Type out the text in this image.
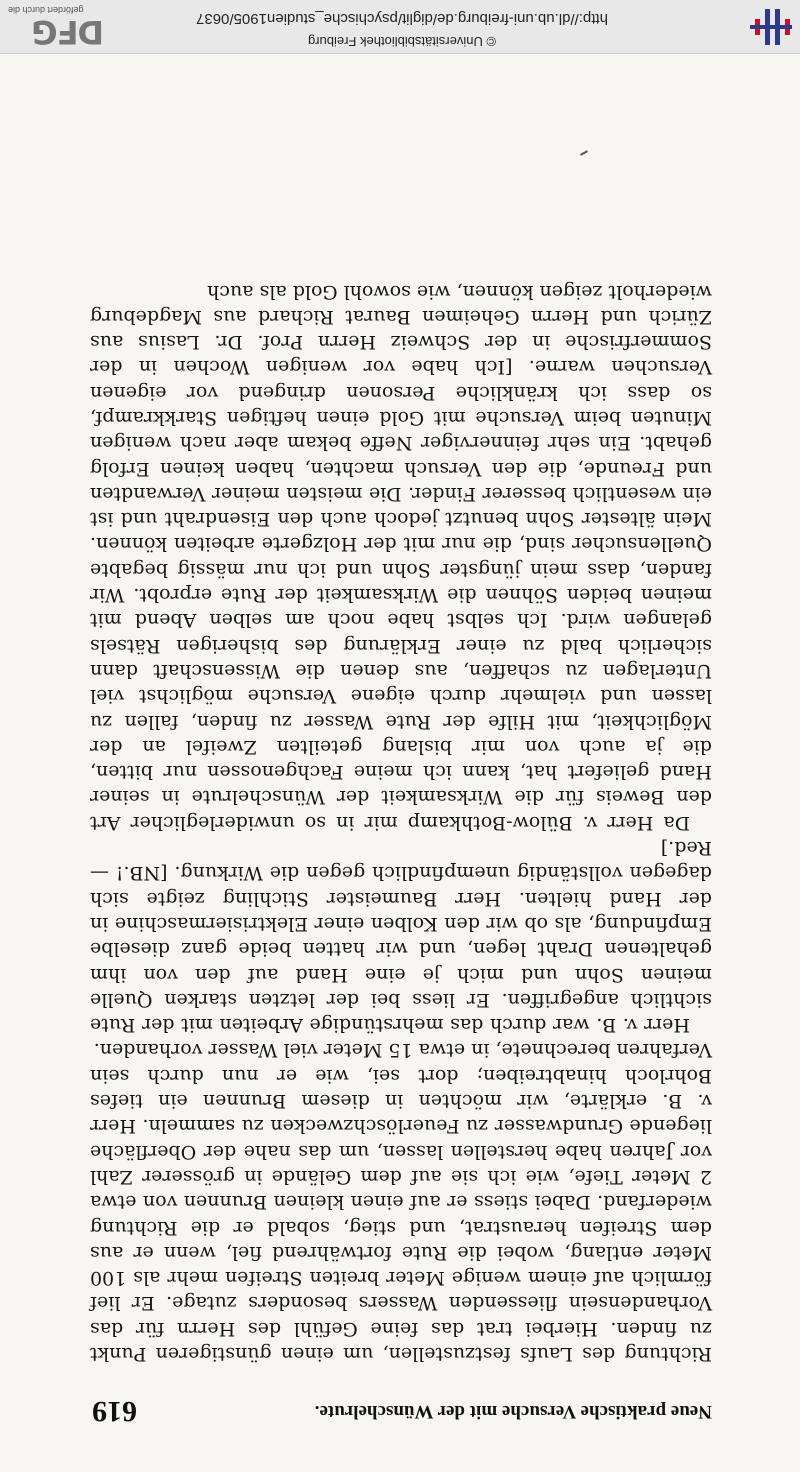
© Universitätsbibliothek Freiburg
http://dl.ub.uni-freiburg.de/diglit/psychische_studien1905/0637
DFG
gefördert durch die
Neue praktische Versuche mit der Wünschelrute.
619

Richtung des Laufs festzustellen, um einen günstigeren Punkt zu finden. Hierbei trat das feine Gefühl des Herrn für das Vorhandensein fliessenden Wassers besonders zutage. Er lief förmlich auf einem wenige Meter breiten Streifen mehr als 100 Meter entlang, wobei die Rute fortwährend fiel, wenn er aus dem Streifen heraustrat, und stieg, sobald er die Richtung wiederfand. Dabei stiess er auf einen kleinen Brunnen von etwa 2 Meter Tiefe, wie ich sie auf dem Gelände in grösserer Zahl vor Jahren habe herstellen lassen, um das nahe der Oberfläche liegende Grundwasser zu Feuerlöschzwecken zu sammeln. Herr v. B. erklärte, wir möchten in diesem Brunnen ein tiefes Bohrloch hinabtreiben; dort sei, wie er nun durch sein Verfahren berechnete, in etwa 15 Meter viel Wasser vorhanden.

Herr v. B. war durch das mehrstündige Arbeiten mit der Rute sichtlich angegriffen. Er liess bei der letzten starken Quelle meinen Sohn und mich je eine Hand auf den von ihm gehaltenen Draht legen, und wir hatten beide ganz dieselbe Empfindung, als ob wir den Kolben einer Elektrisiermaschine in der Hand hielten. Herr Baumeister Stichling zeigte sich dagegen vollständig unempfindlich gegen die Wirkung. [NB.! — Red.]

Da Herr v. Bülow-Bothkamp mir in so unwiderleglicher Art den Beweis für die Wirksamkeit der Wünschelrute in seiner Hand geliefert hat, kann ich meine Fachgenossen nur bitten, die ja auch von mir bislang geteilten Zweifel an der Möglichkeit, mit Hilfe der Rute Wasser zu finden, fallen zu lassen und vielmehr durch eigene Versuche möglichst viel Unterlagen zu schaffen, aus denen die Wissenschaft dann sicherlich bald zu einer Erklärung des bisherigen Rätsels gelangen wird. Ich selbst habe noch am selben Abend mit meinen beiden Söhnen die Wirksamkeit der Rute erprobt. Wir fanden, dass mein jüngster Sohn und ich nur mässig begabte Quellensucher sind, die nur mit der Holzgerte arbeiten können. Mein ältester Sohn benutzt jedoch auch den Eisendraht und ist ein wesentlich besserer Finder. Die meisten meiner Verwandten und Freunde, die den Versuch machten, haben keinen Erfolg gehabt. Ein sehr feinnerviger Neffe bekam aber nach wenigen Minuten beim Versuche mit Gold einen heftigen Starkkrampf, so dass ich kränkliche Personen dringend vor eigenen Versuchen warne. [Ich habe vor wenigen Wochen in der Sommerfrische in der Schweiz Herrn Prof. Dr. Lasius aus Zürich und Herrn Geheimen Baurat Richard aus Magdeburg wiederholt zeigen können, wie sowohl Gold als auch
